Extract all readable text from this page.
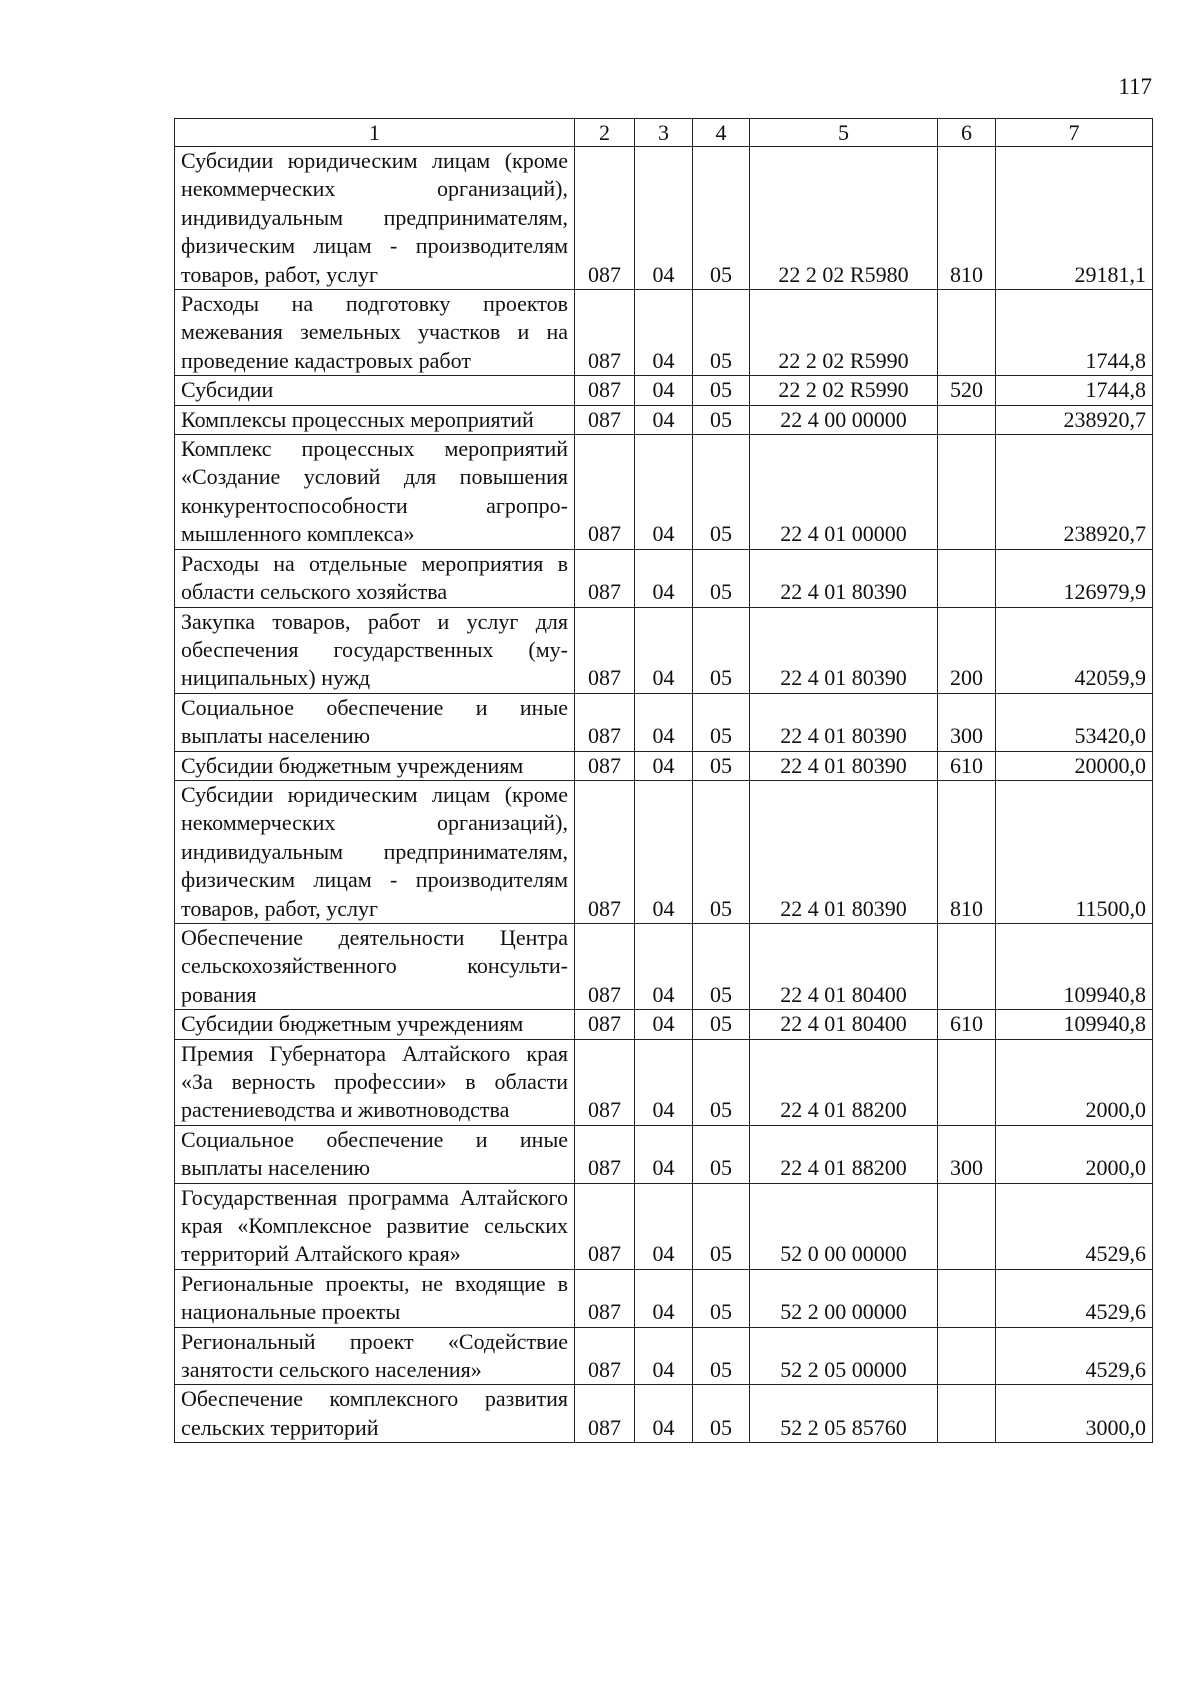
117
1	2	3	4	5	6	7
Субсидии юридическим лицам (кроме некоммерческих организаций), индивидуальным предпринимателям, физическим лицам - производителям товаров, работ, услуг	087	04	05	22 2 02 R5980	810	29181,1
Расходы на подготовку проектов межевания земельных участков и на проведение кадастровых работ	087	04	05	22 2 02 R5990		1744,8
Субсидии	087	04	05	22 2 02 R5990	520	1744,8
Комплексы процессных мероприятий	087	04	05	22 4 00 00000		238920,7
Комплекс процессных мероприятий «Создание условий для повышения конкурентоспособности агропромышленного комплекса»	087	04	05	22 4 01 00000		238920,7
Расходы на отдельные мероприятия в области сельского хозяйства	087	04	05	22 4 01 80390		126979,9
Закупка товаров, работ и услуг для обеспечения государственных (муниципальных) нужд	087	04	05	22 4 01 80390	200	42059,9
Социальное обеспечение и иные выплаты населению	087	04	05	22 4 01 80390	300	53420,0
Субсидии бюджетным учреждениям	087	04	05	22 4 01 80390	610	20000,0
Субсидии юридическим лицам (кроме некоммерческих организаций), индивидуальным предпринимателям, физическим лицам - производителям товаров, работ, услуг	087	04	05	22 4 01 80390	810	11500,0
Обеспечение деятельности Центра сельскохозяйственного консультирования	087	04	05	22 4 01 80400		109940,8
Субсидии бюджетным учреждениям	087	04	05	22 4 01 80400	610	109940,8
Премия Губернатора Алтайского края «За верность профессии» в области растениеводства и животноводства	087	04	05	22 4 01 88200		2000,0
Социальное обеспечение и иные выплаты населению	087	04	05	22 4 01 88200	300	2000,0
Государственная программа Алтайского края «Комплексное развитие сельских территорий Алтайского края»	087	04	05	52 0 00 00000		4529,6
Региональные проекты, не входящие в национальные проекты	087	04	05	52 2 00 00000		4529,6
Региональный проект «Содействие занятости сельского населения»	087	04	05	52 2 05 00000		4529,6
Обеспечение комплексного развития сельских территорий	087	04	05	52 2 05 85760		3000,0
